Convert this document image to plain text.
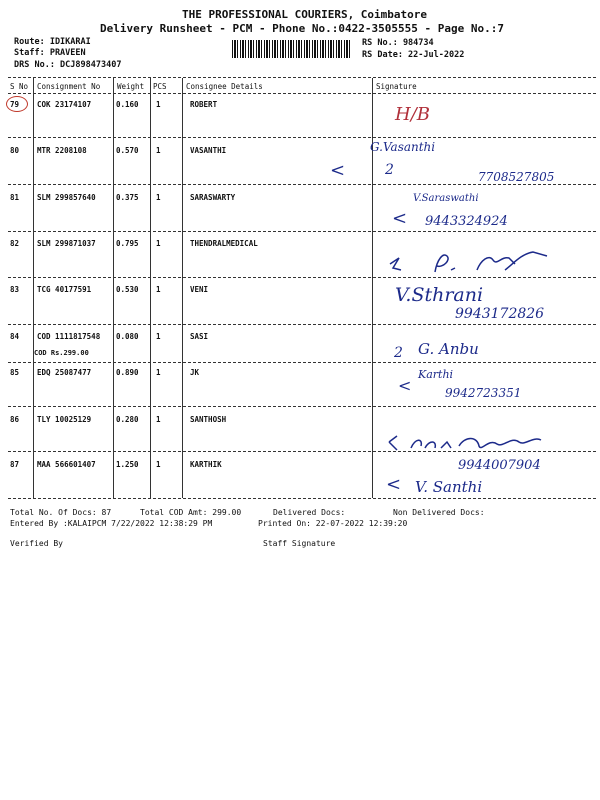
THE PROFESSIONAL COURIERS, Coimbatore
Delivery Runsheet - PCM - Phone No.:0422-3505555 - Page No.:7
Route: IDIKARAI
Staff: PRAVEEN
DRS No.: DCJ898473407
RS No.: 984734
RS Date: 22-Jul-2022
S No Consignment No Weight PCS	Consignee Details	Signature
79 COK 23174107	0.160 1	ROBERT	H/B
80 MTR 2208108	0.570 1	VASANTHI	G.Vasanthi
7708527805
<	2
81 SLM 299857640	0.375 1	SARASWARTY	V.Saraswathi
9443324924
<
82 SLM 299871037	0.795 1	THENDRALMEDICAL
83 TCG 40177591	0.530 1	VENI	V.Sthrani
9943172826
84 COD 1111817548 0.080 1	SASI
COD Rs.299.00	G. Anbu
2
85 EDQ 25087477	0.890 1	JK	Karthi
9942723351
<
86 TLY 10025129	0.280 1	SANTHOSH
87 MAA 566601407	1.250 1	KARTHIK	9944007904
V. Santhi
<
Total No. Of Docs: 87	Total COD Amt: 299.00	Delivered Docs:	Non Delivered Docs:
Entered By :KALAIPCM 7/22/2022 12:38:29 PM	Printed On: 22-07-2022 12:39:20
Verified By	Staff Signature
